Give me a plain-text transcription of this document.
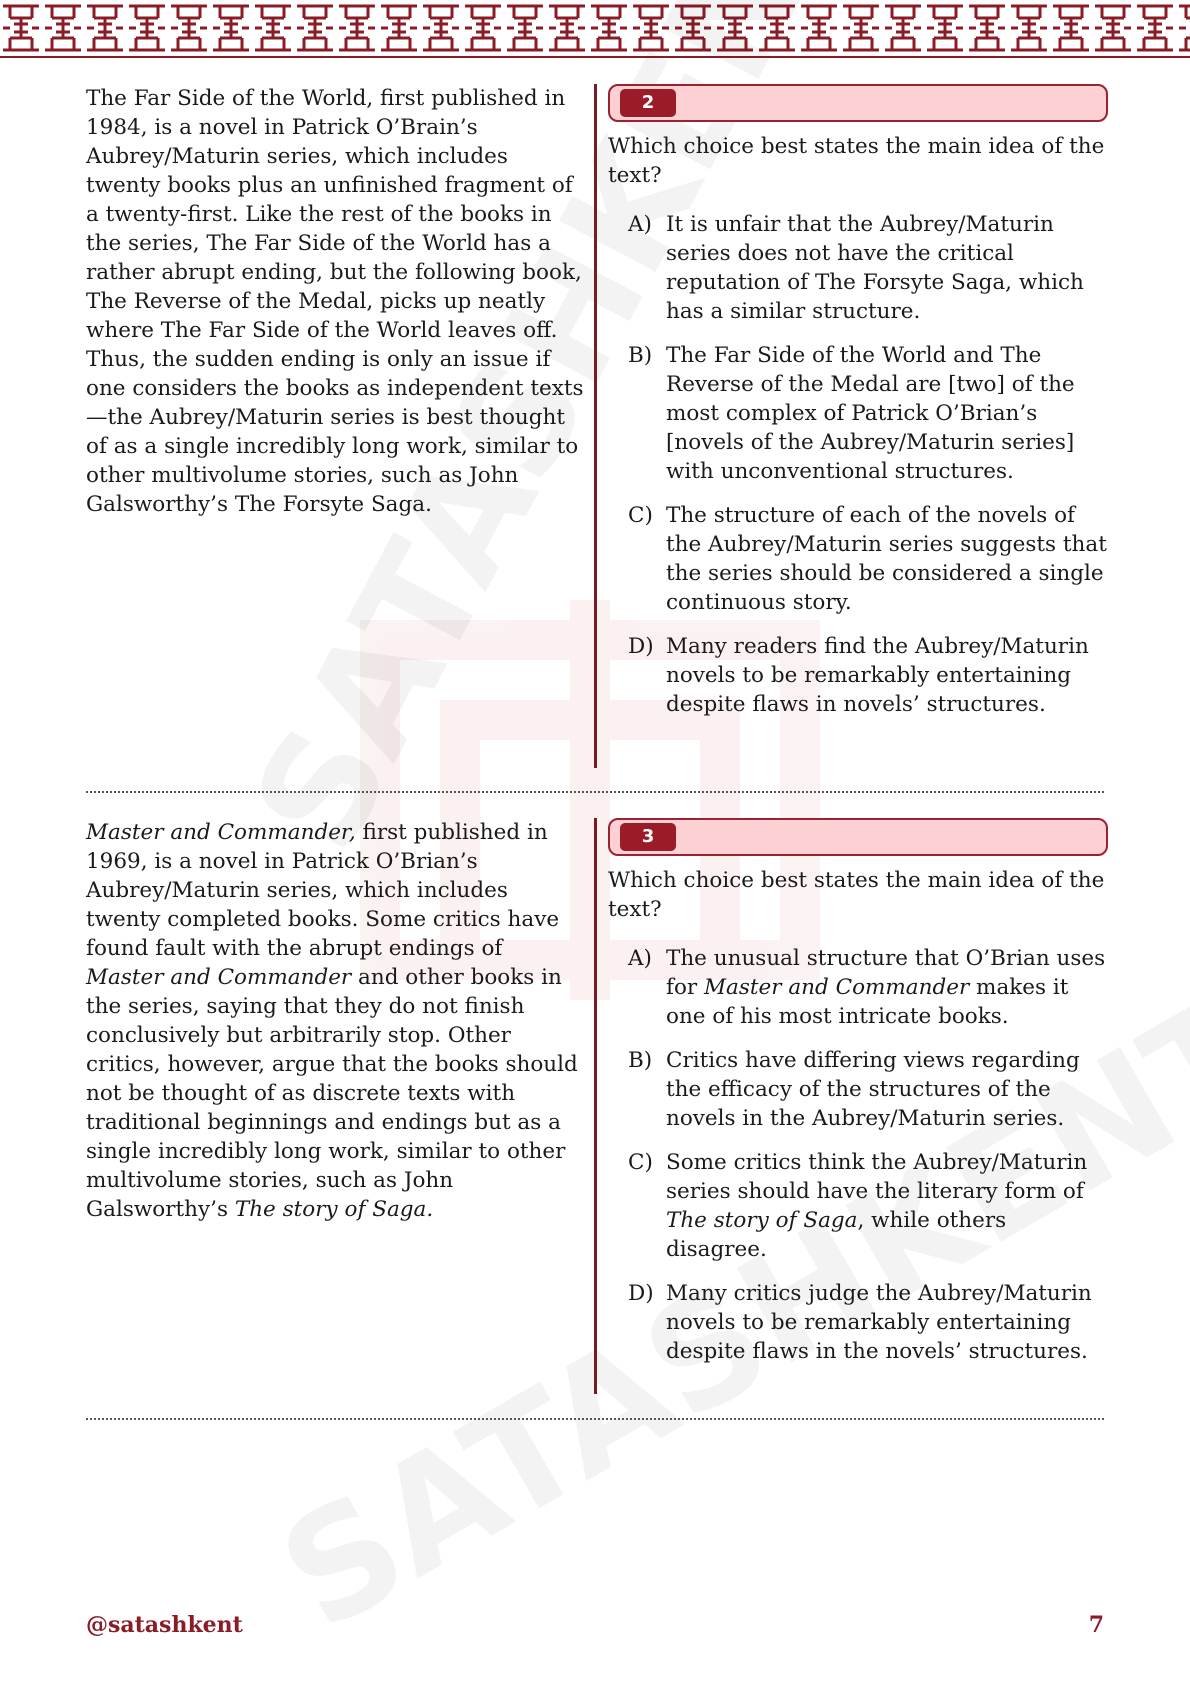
The Far Side of the World, first published in 1984, is a novel in Patrick O’Brain’s Aubrey/Maturin series, which includes twenty books plus an unfinished fragment of a twenty-first. Like the rest of the books in the series, The Far Side of the World has a rather abrupt ending, but the following book, The Reverse of the Medal, picks up neatly where The Far Side of the World leaves off. Thus, the sudden ending is only an issue if one considers the books as independent texts—the Aubrey/Maturin series is best thought of as a single incredibly long work, similar to other multivolume stories, such as John Galsworthy’s The Forsyte Saga.
2
Which choice best states the main idea of the text?
A) It is unfair that the Aubrey/Maturin series does not have the critical reputation of The Forsyte Saga, which has a similar structure.
B) The Far Side of the World and The Reverse of the Medal are [two] of the most complex of Patrick O’Brian’s [novels of the Aubrey/Maturin series] with unconventional structures.
C) The structure of each of the novels of the Aubrey/Maturin series suggests that the series should be considered a single continuous story.
D) Many readers find the Aubrey/Maturin novels to be remarkably entertaining despite flaws in novels’ structures.
Master and Commander, first published in 1969, is a novel in Patrick O’Brian’s Aubrey/Maturin series, which includes twenty completed books. Some critics have found fault with the abrupt endings of Master and Commander and other books in the series, saying that they do not finish conclusively but arbitrarily stop. Other critics, however, argue that the books should not be thought of as discrete texts with traditional beginnings and endings but as a single incredibly long work, similar to other multivolume stories, such as John Galsworthy’s The story of Saga.
3
Which choice best states the main idea of the text?
A) The unusual structure that O’Brian uses for Master and Commander makes it one of his most intricate books.
B) Critics have differing views regarding the efficacy of the structures of the novels in the Aubrey/Maturin series.
C) Some critics think the Aubrey/Maturin series should have the literary form of The story of Saga, while others disagree.
D) Many critics judge the Aubrey/Maturin novels to be remarkably entertaining despite flaws in the novels’ structures.
@satashkent	7
